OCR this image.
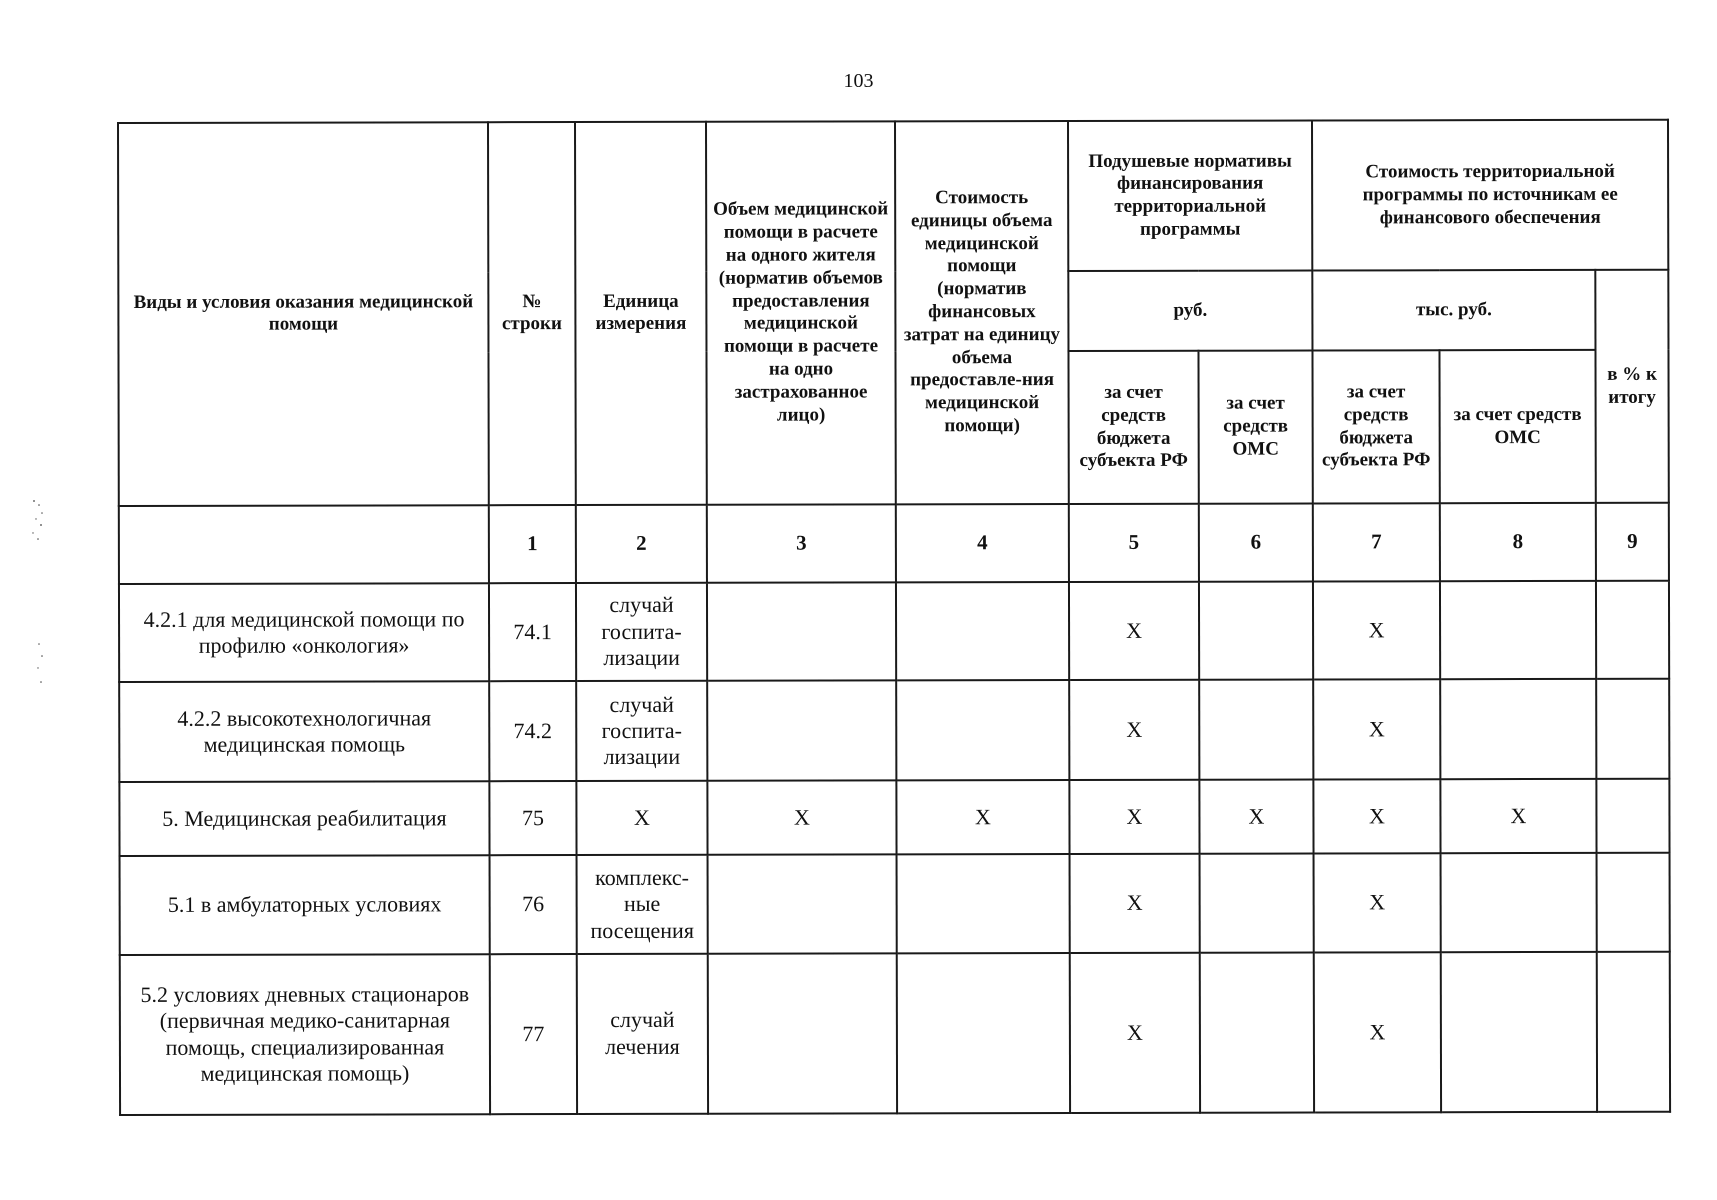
103
Виды и условия оказания медицинской помощи	№ строки	Единица измерения	Объем медицинской помощи в расчете на одного жителя (норматив объемов предоставления медицинской помощи в расчете на одно застрахованное лицо)	Стоимость единицы объема медицинской помощи (норматив финансовых затрат на единицу объема предоставле-ния медицинской помощи)	Подушевые нормативы финансирования территориальной программы		Стоимость территориальной программы по источникам ее финансового обеспечения		
					руб.		тыс. руб.		в % к итогу
					за счет средств бюджета субъекта РФ	за счет средств ОМС	за счет средств бюджета субъекта РФ	за счет средств ОМС	
	1	2	3	4	5	6	7	8	9
4.2.1 для медицинской помощи по профилю «онкология»	74.1	случай госпита-лизации			X		X		
4.2.2 высокотехнологичная медицинская помощь	74.2	случай госпита-лизации			X		X		
5. Медицинская реабилитация	75	X	X	X	X	X	X	X	
5.1 в амбулаторных условиях	76	комплекс-ные посещения			X		X		
5.2 условиях дневных стационаров (первичная медико-санитарная помощь, специализированная медицинская помощь)	77	случай лечения			X		X		
